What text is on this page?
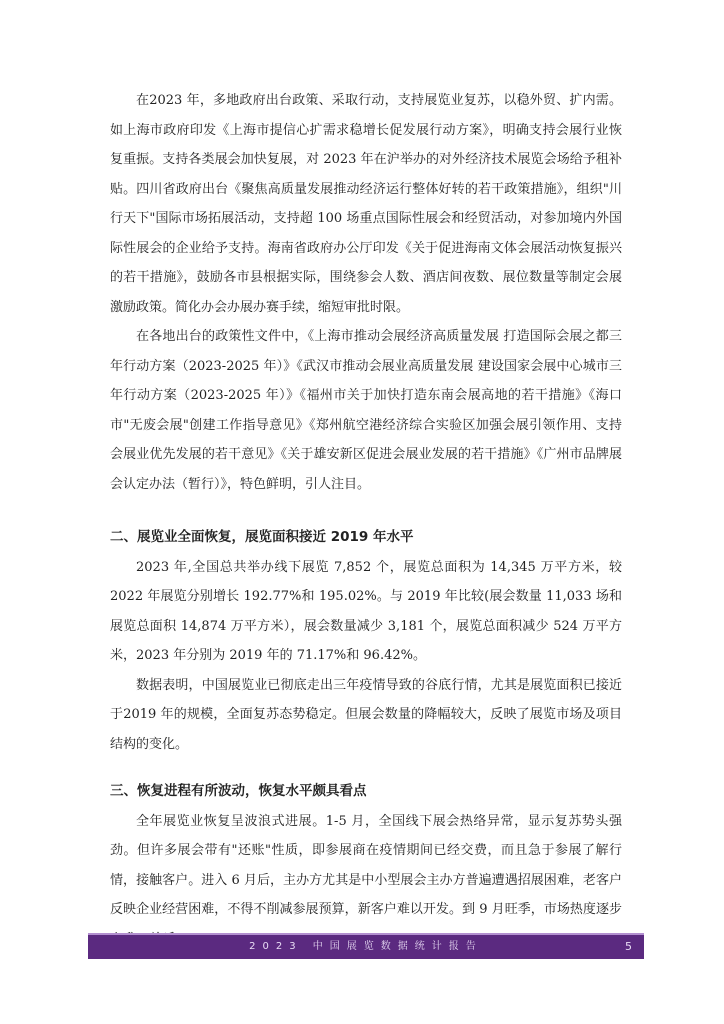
在2023 年，多地政府出台政策、采取行动，支持展览业复苏，以稳外贸、扩内需。如上海市政府印发《上海市提信心扩需求稳增长促发展行动方案》，明确支持会展行业恢复重振。支持各类展会加快复展，对 2023 年在沪举办的对外经济技术展览会场给予租补贴。四川省政府出台《聚焦高质量发展推动经济运行整体好转的若干政策措施》，组织"川行天下"国际市场拓展活动，支持超 100 场重点国际性展会和经贸活动，对参加境内外国际性展会的企业给予支持。海南省政府办公厅印发《关于促进海南文体会展活动恢复振兴的若干措施》，鼓励各市县根据实际，围绕参会人数、酒店间夜数、展位数量等制定会展激励政策。简化办会办展办赛手续，缩短审批时限。

在各地出台的政策性文件中，《上海市推动会展经济高质量发展 打造国际会展之都三年行动方案（2023-2025 年）》《武汉市推动会展业高质量发展 建设国家会展中心城市三年行动方案（2023-2025 年）》《福州市关于加快打造东南会展高地的若干措施》《海口市"无废会展"创建工作指导意见》《郑州航空港经济综合实验区加强会展引领作用、支持会展业优先发展的若干意见》《关于雄安新区促进会展业发展的若干措施》《广州市品牌展会认定办法（暂行）》，特色鲜明，引人注目。

二、展览业全面恢复，展览面积接近 2019 年水平

2023 年,全国总共举办线下展览 7,852 个，展览总面积为 14,345 万平方米，较 2022 年展览分别增长 192.77%和 195.02%。与 2019 年比较(展会数量 11,033 场和展览总面积 14,874 万平方米），展会数量减少 3,181 个，展览总面积减少 524 万平方米，2023 年分别为 2019 年的 71.17%和 96.42%。

数据表明，中国展览业已彻底走出三年疫情导致的谷底行情，尤其是展览面积已接近于2019 年的规模，全面复苏态势稳定。但展会数量的降幅较大，反映了展览市场及项目结构的变化。

三、恢复进程有所波动，恢复水平颇具看点

全年展览业恢复呈波浪式进展。1-5 月，全国线下展会热络异常，显示复苏势头强劲。但许多展会带有"还账"性质，即参展商在疫情期间已经交费，而且急于参展了解行情，接触客户。进入 6 月后，主办方尤其是中小型展会主办方普遍遭遇招展困难，老客户反映企业经营困难，不得不削减参展预算，新客户难以开发。到 9 月旺季，市场热度逐步

2023 中国展览数据统计报告	5
